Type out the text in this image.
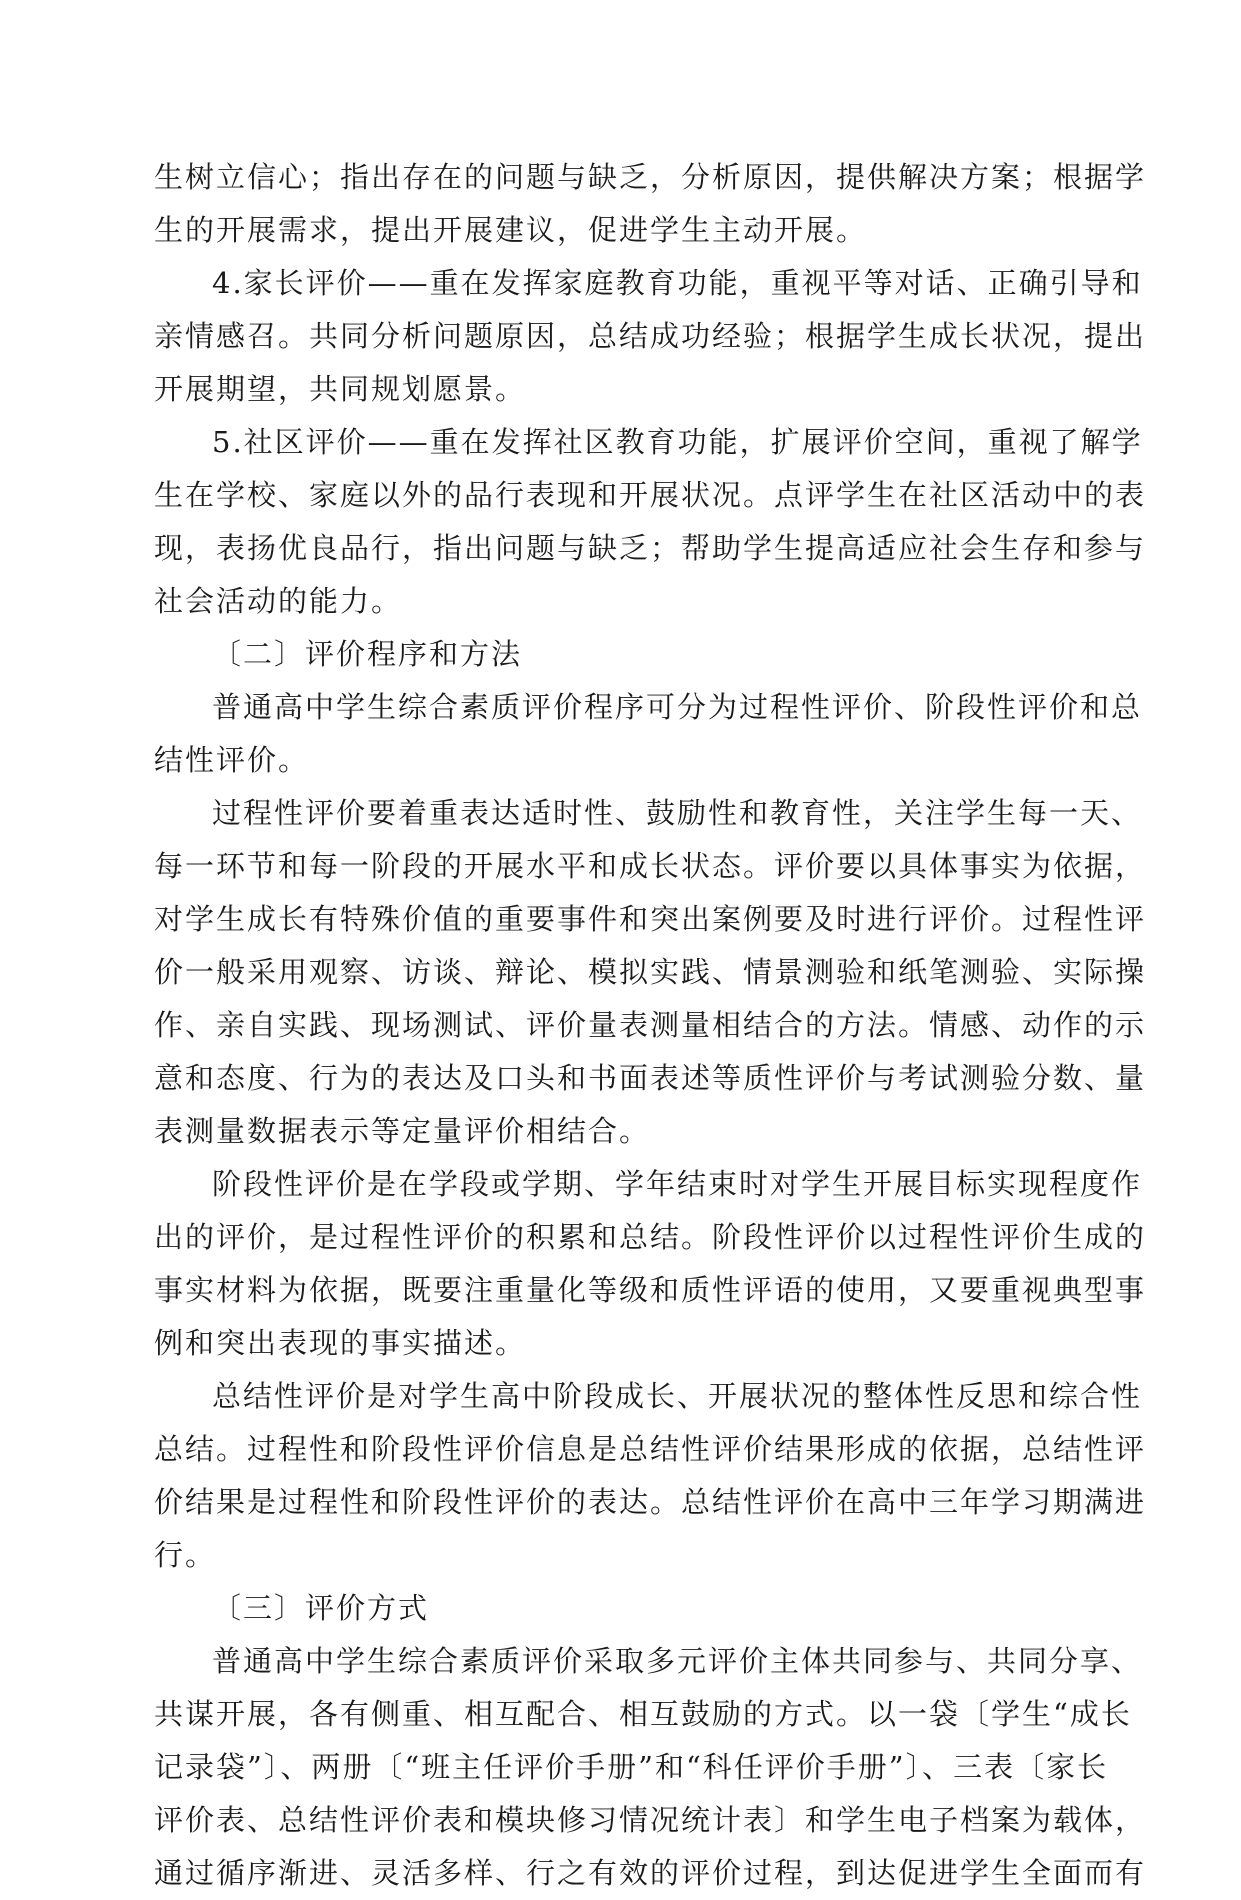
生树立信心；指出存在的问题与缺乏，分析原因，提供解决方案；根据学
生的开展需求，提出开展建议，促进学生主动开展。
4.家长评价——重在发挥家庭教育功能，重视平等对话、正确引导和
亲情感召。共同分析问题原因，总结成功经验；根据学生成长状况，提出
开展期望，共同规划愿景。
5.社区评价——重在发挥社区教育功能，扩展评价空间，重视了解学
生在学校、家庭以外的品行表现和开展状况。点评学生在社区活动中的表
现，表扬优良品行，指出问题与缺乏；帮助学生提高适应社会生存和参与
社会活动的能力。
〔二〕评价程序和方法
普通高中学生综合素质评价程序可分为过程性评价、阶段性评价和总
结性评价。
过程性评价要着重表达适时性、鼓励性和教育性，关注学生每一天、
每一环节和每一阶段的开展水平和成长状态。评价要以具体事实为依据，
对学生成长有特殊价值的重要事件和突出案例要及时进行评价。过程性评
价一般采用观察、访谈、辩论、模拟实践、情景测验和纸笔测验、实际操
作、亲自实践、现场测试、评价量表测量相结合的方法。情感、动作的示
意和态度、行为的表达及口头和书面表述等质性评价与考试测验分数、量
表测量数据表示等定量评价相结合。
阶段性评价是在学段或学期、学年结束时对学生开展目标实现程度作
出的评价，是过程性评价的积累和总结。阶段性评价以过程性评价生成的
事实材料为依据，既要注重量化等级和质性评语的使用，又要重视典型事
例和突出表现的事实描述。
总结性评价是对学生高中阶段成长、开展状况的整体性反思和综合性
总结。过程性和阶段性评价信息是总结性评价结果形成的依据，总结性评
价结果是过程性和阶段性评价的表达。总结性评价在高中三年学习期满进
行。
〔三〕评价方式
普通高中学生综合素质评价采取多元评价主体共同参与、共同分享、
共谋开展，各有侧重、相互配合、相互鼓励的方式。以一袋〔学生“成长
记录袋”〕、两册〔“班主任评价手册”和“科任评价手册”〕、三表〔家长
评价表、总结性评价表和模块修习情况统计表〕和学生电子档案为载体，
通过循序渐进、灵活多样、行之有效的评价过程，到达促进学生全面而有
